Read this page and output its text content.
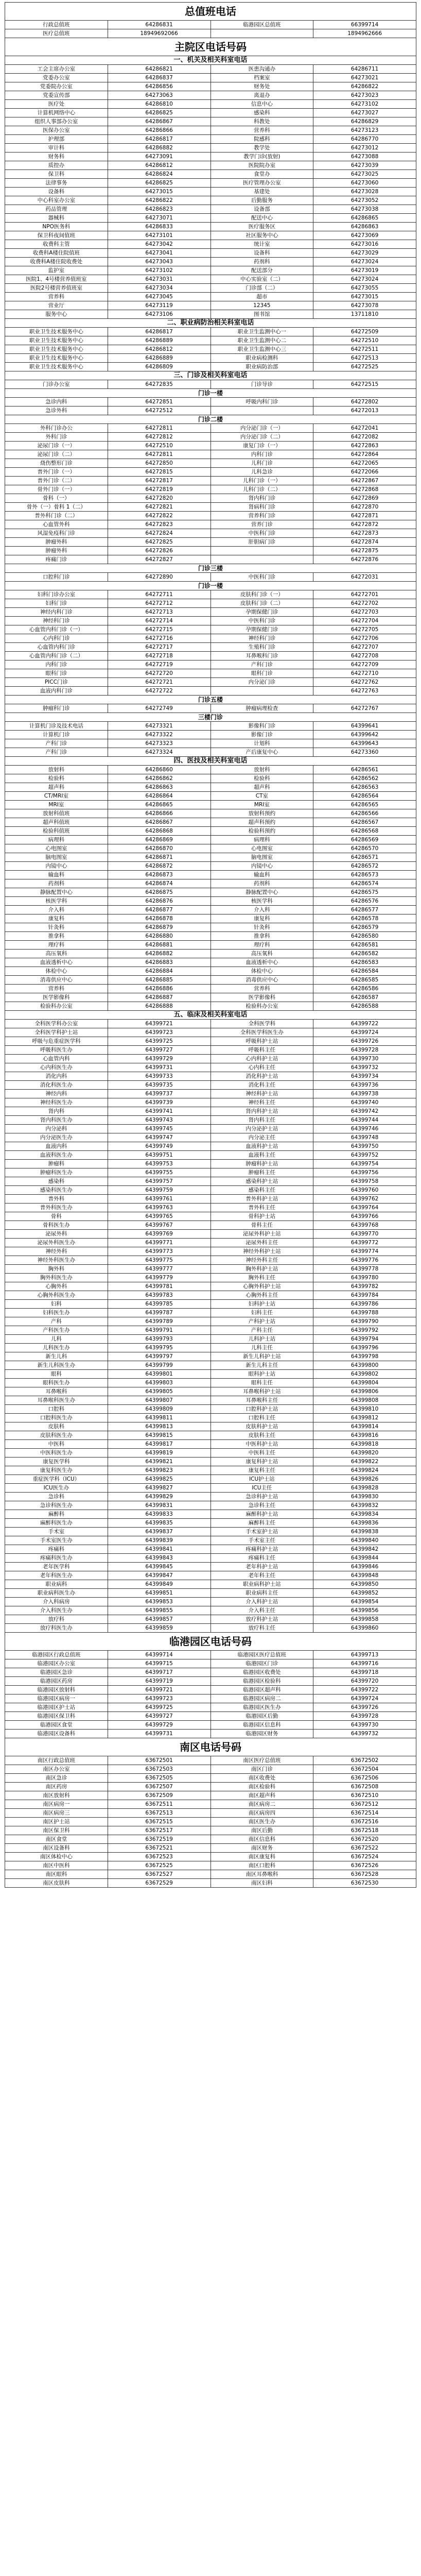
总值班电话			
行政总值班	64286831	临港园区总值班	66399714
医疗总值班	18949692066		1894962666
主院区电话号码			
一、机关及相关科室电话			
工会主席办公室	64286821	医患沟通办	64286711
党委办公室	64286837	档案室	64273021
党委院办公室	64286856	财务处	64286822
党委宣传部	64273063	离退办	64273023
医疗处	64286810	信息中心	64273102
计算机网络中心	64286825	感染科	64273027
组织人事部办公室	64286867	科教处	64286829
医保办公室	64286866	营养科	64273123
护理部	64286817	院感科	64286770
审计科	64286882	教学处	64273012
财务科	64273091	教学门诊(放射)	64273088
质控办	64286812	医院院办室	64273039
保卫科	64286824	食堂办	64273025
法律事务	64286825	医疗管理办公室	64273060
设备科	64273015	基建处	64273028
中心科室办公室	64286822	后勤服务	64273052
药品管理	64286823	设备部	64273038
器械科	64273071	配送中心	64286865
NPO医务科	64286833	医疗服务区	64286863
保卫科夜间值班	64273101	社区服务中心	64273069
收费科主管	64273042	统计室	64273016
收费科A楼住院值班	64273041	设备科	64273029
收费科A楼住院收费处	64273043	药剂科	64273024
监护室	64273102	配送部分	64273019
医院1、4号楼营养值班室	64273031	中心实验室（二）	64273024
医院2号楼营养值班室	64273034	门诊部（二）	64273055
营养科	64273045	超市	64273015
营业厅	64273119	12345	64273078
服务中心	64273106	图书馆	13711810
二、职业病防治相关科室电话			
职业卫生技术服务中心	64286817	职业卫生监测中心一	64272509
职业卫生技术服务中心	64286889	职业卫生监测中心二	64272510
职业卫生技术服务中心	64286812	职业卫生监测中心三	64272511
职业卫生技术服务中心	64286889	职业病检测科	64272513
职业卫生技术服务中心	64286809	职业病防治部	64272525
三、门诊及相关科室电话			
门诊办公室	64272835	门诊导诊	64272515
门诊一楼			
急诊内科	64272851	呼吸内科门诊	64272802
急诊外科	64272512		64272013
门诊二楼			
外科门诊办公	64272811	内分泌门诊（一）	64272041
外科门诊	64272812	内分泌门诊（二）	64272082
泌尿门诊（一）	64272510	康复门诊（一）	64272863
泌尿门诊（二）	64272811	内科门诊	64272864
烧伤整形门诊	64272850	儿科门诊	64272065
普外门诊（一）	64272815	儿科急诊	64272066
普外门诊（二）	64272817	儿科门诊（一）	64272867
骨外门诊（一）	64272819	儿科门诊（二）	64272868
骨科（一）	64272820	肾内科门诊	64272869
骨外（一）骨科 1（二）	64272821	肾病科门诊	64272870
普外科门诊（二）	64272822	营养科门诊	64272871
心血管外科	64272823	营养门诊	64272872
风湿免疫科门诊	64272824	中医科门诊	64272873
肿瘤外科	64272825	肝胆病门诊	64272874
肿瘤外科	64272826		64272875
疼痛门诊	64272827		64272876
门诊三楼			
口腔科门诊	64272890	中医科门诊	64272031
门诊一楼			
妇科门诊办公室	64272711	皮肤科门诊（一）	64272701
妇科门诊	64272712	皮肤科门诊（二）	64272702
神经内科门诊	64272713	孕期保健门诊	64272703
神经科门诊	64272714	中医科门诊	64272704
心血管内科门诊（一）	64272715	孕期保健门诊	64272705
心内科门诊	64272716	神经科门诊	64272706
心血管内科门诊	64272717	生殖科门诊	64272707
心血管内科门诊（二）	64272718	耳鼻喉科门诊	64272708
内科门诊	64272719	产科门诊	64272709
眼科门诊	64272720	眼科门诊	64272710
PICC门诊	64272721	内分泌门诊	64272762
血液内科门诊	64272722		64272763
门诊五楼			
肿瘤科门诊	64272749	肿瘤病理检查	64272767
三楼门诊			
计算机门诊及技术电话	64273321	影像科门诊	64399641
计算机门诊	64273322	影像门诊	64399642
产科门诊	64273323	计划科	64399643
产科门诊	64273324	产后康复中心	64273360
四、医技及相关科室电话			
放射科	64286860	放射科	64286561
检验科	64286862	检验科	64286562
超声科	64286863	超声科	64286563
CT/MRI室	64286864	CT室	64286564
MRI室	64286865	MRI室	64286565
放射科值班	64286866	放射科预约	64286566
超声科值班	64286867	超声科预约	64286567
检验科值班	64286868	检验科预约	64286568
病理科	64286869	病理科	64286569
心电图室	64286870	心电图室	64286570
脑电图室	64286871	脑电图室	64286571
内镜中心	64286872	内镜中心	64286572
输血科	64286873	输血科	64286573
药剂科	64286874	药剂科	64286574
静脉配置中心	64286875	静脉配置中心	64286575
核医学科	64286876	核医学科	64286576
介入科	64286877	介入科	64286577
康复科	64286878	康复科	64286578
针灸科	64286879	针灸科	64286579
推拿科	64286880	推拿科	64286580
理疗科	64286881	理疗科	64286581
高压氧科	64286882	高压氧科	64286582
血液透析中心	64286883	血液透析中心	64286583
体检中心	64286884	体检中心	64286584
消毒供应中心	64286885	消毒供应中心	64286585
营养科	64286886	营养科	64286586
医学影像科	64286887	医学影像科	64286587
检验科办公室	64286888	检验科办公室	64286588
五、临床及相关科室电话			
全科医学科办公室	64399721	全科医学科	64399722
全科医学科护士站	64399723	全科医学科医生办	64399724
呼吸与危重症医学科	64399725	呼吸科护士站	64399726
呼吸科医生办	64399727	呼吸科主任	64399728
心血管内科	64399729	心内科护士站	64399730
心内科医生办	64399731	心内科主任	64399732
消化内科	64399733	消化科护士站	64399734
消化科医生办	64399735	消化科主任	64399736
神经内科	64399737	神经科护士站	64399738
神经科医生办	64399739	神经科主任	64399740
肾内科	64399741	肾内科护士站	64399742
肾内科医生办	64399743	肾内科主任	64399744
内分泌科	64399745	内分泌护士站	64399746
内分泌医生办	64399747	内分泌主任	64399748
血液内科	64399749	血液科护士站	64399750
血液科医生办	64399751	血液科主任	64399752
肿瘤科	64399753	肿瘤科护士站	64399754
肿瘤科医生办	64399755	肿瘤科主任	64399756
感染科	64399757	感染科护士站	64399758
感染科医生办	64399759	感染科主任	64399760
普外科	64399761	普外科护士站	64399762
普外科医生办	64399763	普外科主任	64399764
骨科	64399765	骨科护士站	64399766
骨科医生办	64399767	骨科主任	64399768
泌尿外科	64399769	泌尿外科护士站	64399770
泌尿外科医生办	64399771	泌尿外科主任	64399772
神经外科	64399773	神经外科护士站	64399774
神经外科医生办	64399775	神经外科主任	64399776
胸外科	64399777	胸外科护士站	64399778
胸外科医生办	64399779	胸外科主任	64399780
心胸外科	64399781	心胸外科护士站	64399782
心胸外科医生办	64399783	心胸外科主任	64399784
妇科	64399785	妇科护士站	64399786
妇科医生办	64399787	妇科主任	64399788
产科	64399789	产科护士站	64399790
产科医生办	64399791	产科主任	64399792
儿科	64399793	儿科护士站	64399794
儿科医生办	64399795	儿科主任	64399796
新生儿科	64399797	新生儿科护士站	64399798
新生儿科医生办	64399799	新生儿科主任	64399800
眼科	64399801	眼科护士站	64399802
眼科医生办	64399803	眼科主任	64399804
耳鼻喉科	64399805	耳鼻喉科护士站	64399806
耳鼻喉科医生办	64399807	耳鼻喉科主任	64399808
口腔科	64399809	口腔科护士站	64399810
口腔科医生办	64399811	口腔科主任	64399812
皮肤科	64399813	皮肤科护士站	64399814
皮肤科医生办	64399815	皮肤科主任	64399816
中医科	64399817	中医科护士站	64399818
中医科医生办	64399819	中医科主任	64399820
康复医学科	64399821	康复科护士站	64399822
康复科医生办	64399823	康复科主任	64399824
重症医学科（ICU）	64399825	ICU护士站	64399826
ICU医生办	64399827	ICU主任	64399828
急诊科	64399829	急诊科护士站	64399830
急诊科医生办	64399831	急诊科主任	64399832
麻醉科	64399833	麻醉科护士站	64399834
麻醉科医生办	64399835	麻醉科主任	64399836
手术室	64399837	手术室护士站	64399838
手术室医生办	64399839	手术室主任	64399840
疼痛科	64399841	疼痛科护士站	64399842
疼痛科医生办	64399843	疼痛科主任	64399844
老年医学科	64399845	老年科护士站	64399846
老年科医生办	64399847	老年科主任	64399848
职业病科	64399849	职业病科护士站	64399850
职业病科医生办	64399851	职业病科主任	64399852
介入科病房	64399853	介入科护士站	64399854
介入科医生办	64399855	介入科主任	64399856
放疗科	64399857	放疗科护士站	64399858
放疗科医生办	64399859	放疗科主任	64399860
临港园区电话号码			
临港园区行政总值班	64399714	临港园区医疗总值班	64399713
临港园区办公室	64399715	临港园区门诊	64399716
临港园区急诊	64399717	临港园区收费处	64399718
临港园区药房	64399719	临港园区检验科	64399720
临港园区放射科	64399721	临港园区超声科	64399722
临港园区病房一	64399723	临港园区病房二	64399724
临港园区护士站	64399725	临港园区医生办	64399726
临港园区保卫科	64399727	临港园区后勤	64399728
临港园区食堂	64399729	临港园区信息科	64399730
临港园区设备科	64399731	临港园区财务	64399732
南区电话号码			
南区行政总值班	63672501	南区医疗总值班	63672502
南区办公室	63672503	南区门诊	63672504
南区急诊	63672505	南区收费处	63672506
南区药房	63672507	南区检验科	63672508
南区放射科	63672509	南区超声科	63672510
南区病房一	63672511	南区病房二	63672512
南区病房三	63672513	南区病房四	63672514
南区护士站	63672515	南区医生办	63672516
南区保卫科	63672517	南区后勤	63672518
南区食堂	63672519	南区信息科	63672520
南区设备科	63672521	南区财务	63672522
南区体检中心	63672523	南区康复科	63672524
南区中医科	63672525	南区口腔科	63672526
南区眼科	63672527	南区耳鼻喉科	63672528
南区皮肤科	63672529	南区妇科	63672530
